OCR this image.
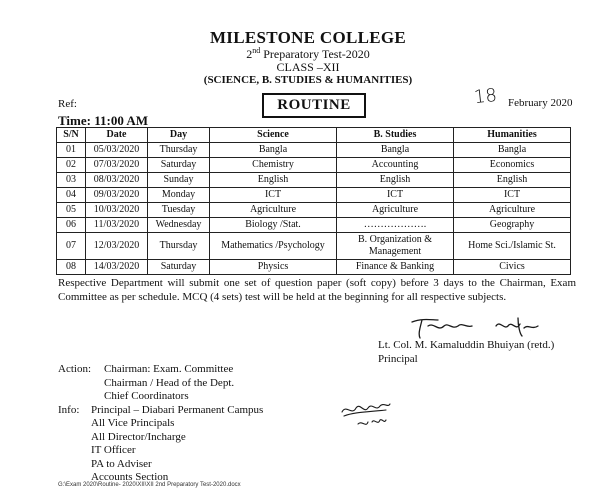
MILESTONE COLLEGE
2nd Preparatory Test-2020
CLASS –XII
(SCIENCE, B. STUDIES & HUMANITIES)
Ref:	ROUTINE	18 February 2020
Time: 11:00 AM
S/N	Date	Day	Science	B. Studies	Humanities
01	05/03/2020	Thursday	Bangla	Bangla	Bangla
02	07/03/2020	Saturday	Chemistry	Accounting	Economics
03	08/03/2020	Sunday	English	English	English
04	09/03/2020	Monday	ICT	ICT	ICT
05	10/03/2020	Tuesday	Agriculture	Agriculture	Agriculture
06	11/03/2020	Wednesday	Biology /Stat.	……………….	Geography
07	12/03/2020	Thursday	Mathematics /Psychology	B. Organization & Management	Home Sci./Islamic St.
08	14/03/2020	Saturday	Physics	Finance & Banking	Civics
Respective Department will submit one set of question paper (soft copy) before 3 days to the Chairman, Exam Committee as per schedule. MCQ (4 sets) test will be held at the beginning for all respective subjects.
Lt. Col. M. Kamaluddin Bhuiyan (retd.)
Principal
Action:	Chairman: Exam. Committee
Chairman / Head of the Dept.
Chief Coordinators
Info:	Principal – Diabari Permanent Campus
All Vice Principals
All Director/Incharge
IT Officer
PA to Adviser
Accounts Section
G:\Exam 2020\Routine- 2020\XII\XII 2nd Preparatory Test-2020.docx
